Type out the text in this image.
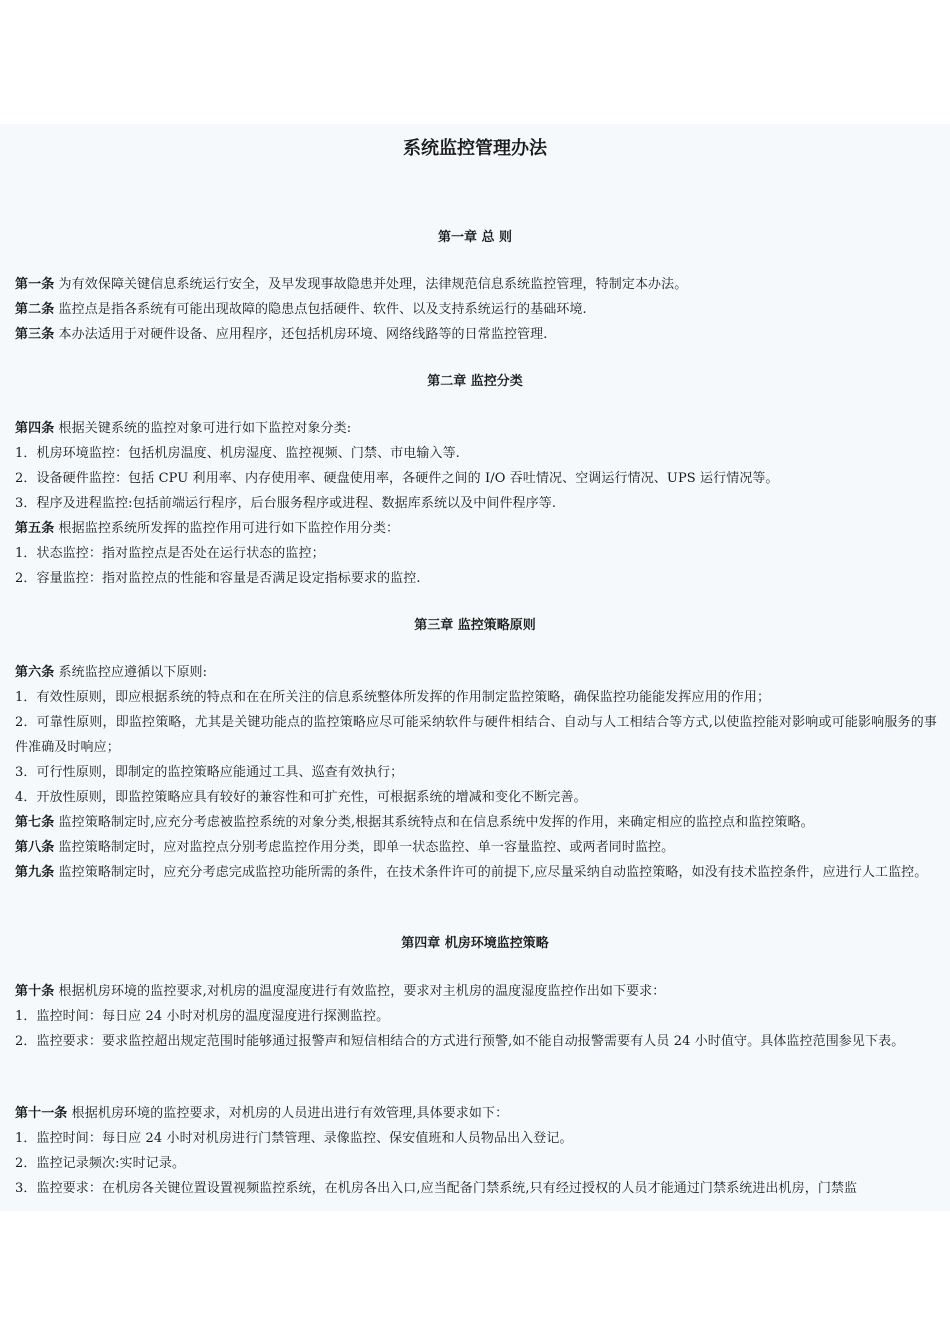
系统监控管理办法
第一章 总 则
第一条 为有效保障关键信息系统运行安全，及早发现事故隐患并处理，法律规范信息系统监控管理，特制定本办法。
第二条 监控点是指各系统有可能出现故障的隐患点包括硬件、软件、以及支持系统运行的基础环境.
第三条 本办法适用于对硬件设备、应用程序，还包括机房环境、网络线路等的日常监控管理.
第二章 监控分类
第四条 根据关键系统的监控对象可进行如下监控对象分类:
1．机房环境监控：包括机房温度、机房湿度、监控视频、门禁、市电输入等.
2．设备硬件监控：包括 CPU 利用率、内存使用率、硬盘使用率，各硬件之间的 I/O 吞吐情况、空调运行情况、UPS 运行情况等。
3．程序及进程监控:包括前端运行程序，后台服务程序或进程、数据库系统以及中间件程序等.
第五条 根据监控系统所发挥的监控作用可进行如下监控作用分类：
1．状态监控：指对监控点是否处在运行状态的监控；
2．容量监控：指对监控点的性能和容量是否满足设定指标要求的监控.
第三章 监控策略原则
第六条 系统监控应遵循以下原则:
1．有效性原则，即应根据系统的特点和在在所关注的信息系统整体所发挥的作用制定监控策略，确保监控功能能发挥应用的作用；
2．可靠性原则，即监控策略，尤其是关键功能点的监控策略应尽可能采纳软件与硬件相结合、自动与人工相结合等方式,以使监控能对影响或可能影响服务的事件准确及时响应；
3．可行性原则，即制定的监控策略应能通过工具、巡查有效执行；
4．开放性原则，即监控策略应具有较好的兼容性和可扩充性，可根据系统的增减和变化不断完善。
第七条 监控策略制定时,应充分考虑被监控系统的对象分类,根据其系统特点和在信息系统中发挥的作用，来确定相应的监控点和监控策略。
第八条 监控策略制定时，应对监控点分别考虑监控作用分类，即单一状态监控、单一容量监控、或两者同时监控。
第九条 监控策略制定时，应充分考虑完成监控功能所需的条件，在技术条件许可的前提下,应尽量采纳自动监控策略，如没有技术监控条件，应进行人工监控。
第四章 机房环境监控策略
第十条 根据机房环境的监控要求,对机房的温度湿度进行有效监控，要求对主机房的温度湿度监控作出如下要求：
1．监控时间：每日应 24 小时对机房的温度湿度进行探测监控。
2．监控要求：要求监控超出规定范围时能够通过报警声和短信相结合的方式进行预警,如不能自动报警需要有人员 24 小时值守。具体监控范围参见下表。
第十一条 根据机房环境的监控要求，对机房的人员进出进行有效管理,具体要求如下：
1．监控时间：每日应 24 小时对机房进行门禁管理、录像监控、保安值班和人员物品出入登记。
2．监控记录频次:实时记录。
3．监控要求：在机房各关键位置设置视频监控系统，在机房各出入口,应当配备门禁系统,只有经过授权的人员才能通过门禁系统进出机房，门禁监
